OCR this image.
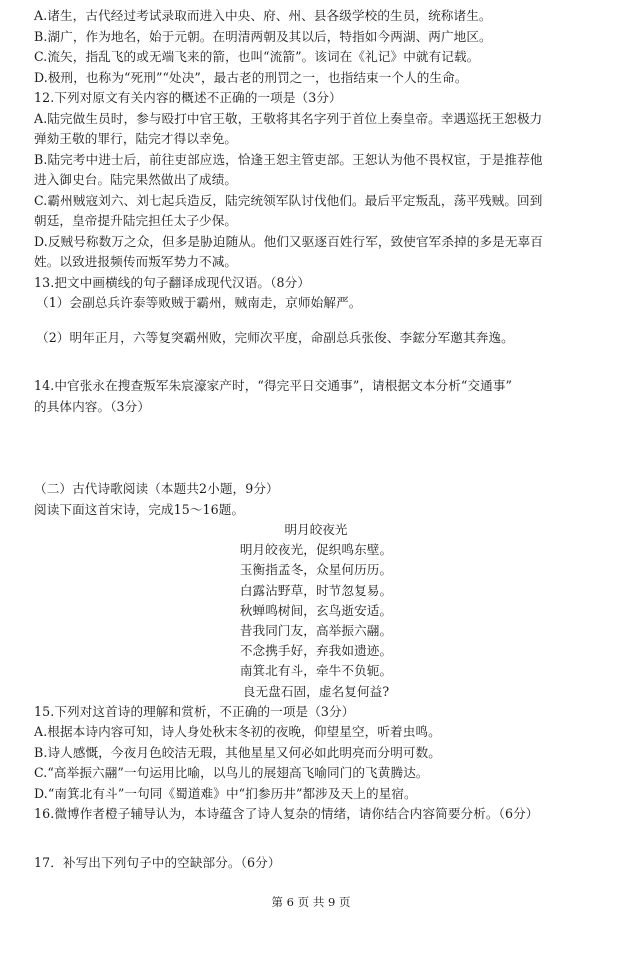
A.诸生，古代经过考试录取而进入中央、府、州、县各级学校的生员，统称诸生。
B.湖广，作为地名，始于元朝。在明清两朝及其以后，特指如今两湖、两广地区。
C.流矢，指乱飞的或无端飞来的箭，也叫“流箭”。该词在《礼记》中就有记载。
D.极刑，也称为“死刑”“处决”，最古老的刑罚之一，也指结束一个人的生命。
12.下列对原文有关内容的概述不正确的一项是（3分）
A.陆完做生员时，参与殴打中官王敬，王敬将其名字列于首位上奏皇帝。幸遇巡抚王恕极力
弹劾王敬的罪行，陆完才得以幸免。
B.陆完考中进士后，前往吏部应选，恰逢王恕主管吏部。王恕认为他不畏权宦，于是推荐他
进入御史台。陆完果然做出了成绩。
C.霸州贼寇刘六、刘七起兵造反，陆完统领军队讨伐他们。最后平定叛乱，荡平残贼。回到
朝廷，皇帝提升陆完担任太子少保。
D.反贼号称数万之众，但多是胁迫随从。他们又驱逐百姓行军，致使官军杀掉的多是无辜百
姓。以致进报频传而叛军势力不减。
13.把文中画横线的句子翻译成现代汉语。（8分）
（1）会副总兵许泰等败贼于霸州，贼南走，京师始解严。
（2）明年正月，六等复突霸州败，完师次平度，命副总兵张俊、李鋐分军邀其奔逸。
14.中官张永在搜查叛军朱宸濠家产时，“得完平日交通事”，请根据文本分析“交通事”
的具体内容。（3分）
（二）古代诗歌阅读（本题共2小题，9分）
阅读下面这首宋诗，完成15～16题。
明月皎夜光
明月皎夜光，促织鸣东壁。
玉衡指孟冬，众星何历历。
白露沾野草，时节忽复易。
秋蝉鸣树间，玄鸟逝安适。
昔我同门友，高举振六翮。
不念携手好，弃我如遗迹。
南箕北有斗，牵牛不负轭。
良无盘石固，虚名复何益?
15.下列对这首诗的理解和赏析，不正确的一项是（3分）
A.根据本诗内容可知，诗人身处秋末冬初的夜晚，仰望星空，听着虫鸣。
B.诗人感慨，今夜月色皎洁无瑕，其他星星又何必如此明亮而分明可数。
C.“高举振六翮”一句运用比喻，以鸟儿的展翅高飞喻同门的飞黄腾达。
D.“南箕北有斗”一句同《蜀道难》中“扪参历井”都涉及天上的星宿。
16.微博作者橙子辅导认为，本诗蕴含了诗人复杂的情绪，请你结合内容简要分析。（6分）
17．补写出下列句子中的空缺部分。（6分）
第 6 页 共 9 页
